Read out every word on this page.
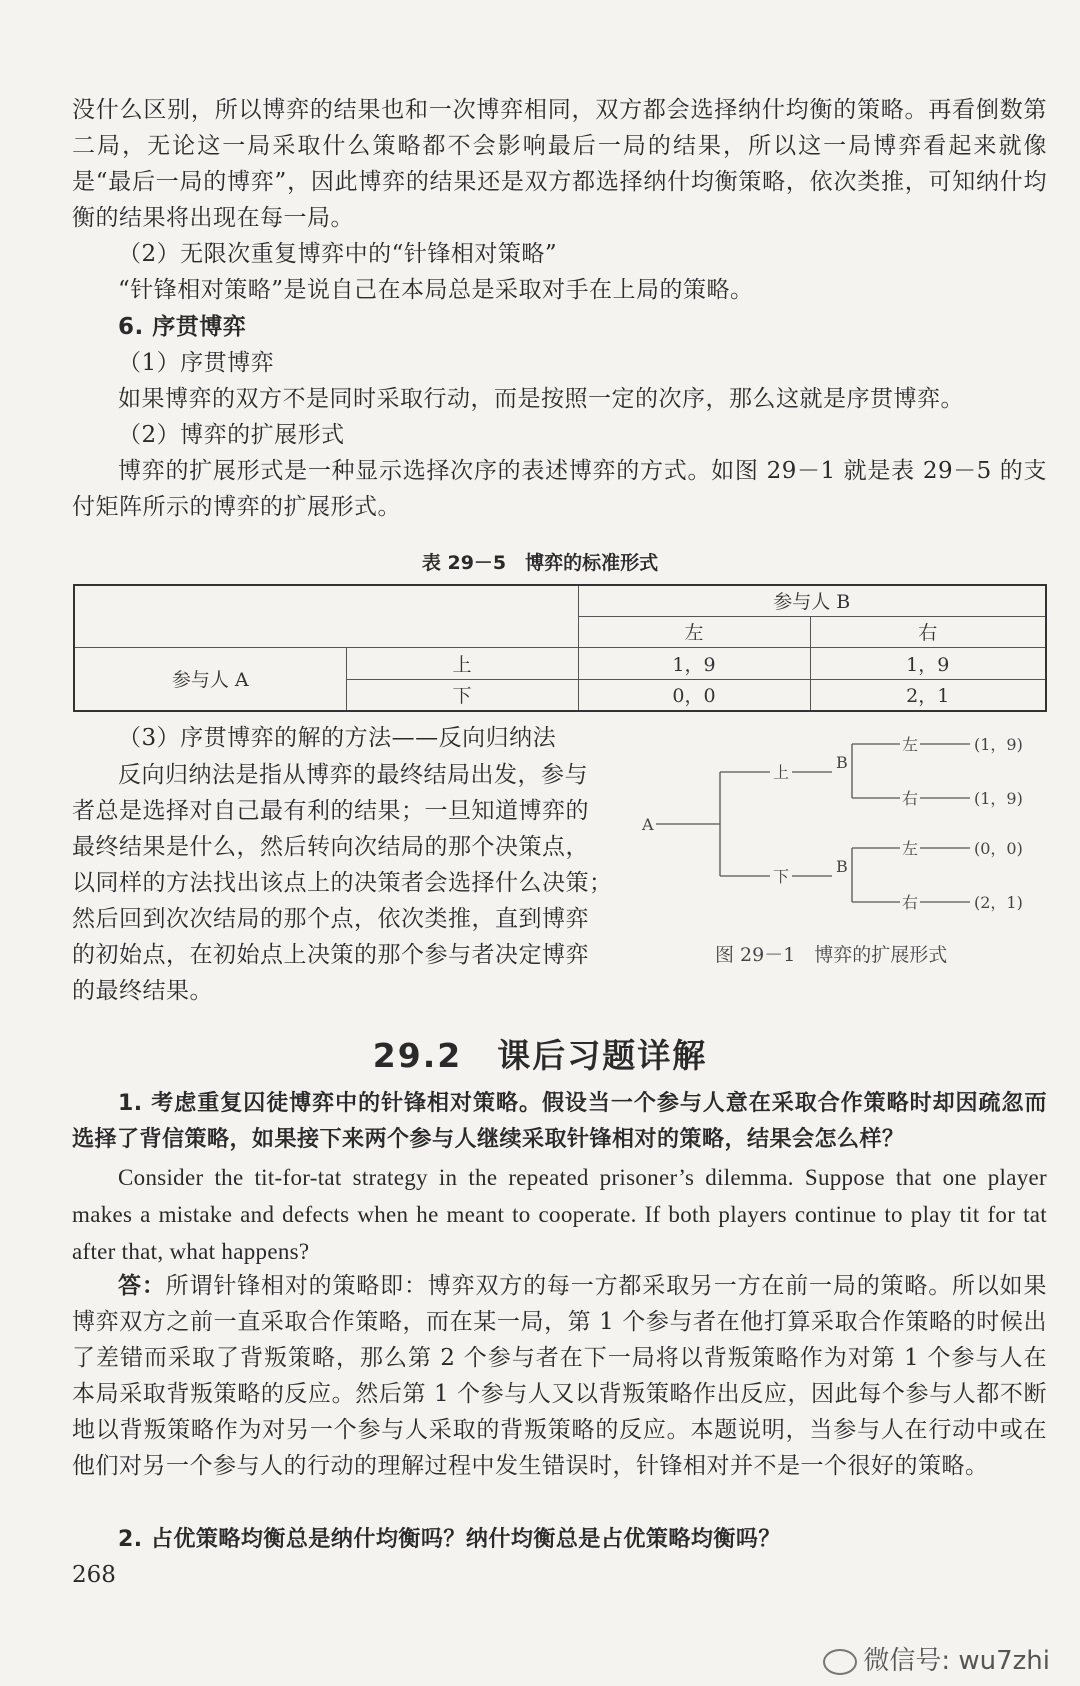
没什么区别，所以博弈的结果也和一次博弈相同，双方都会选择纳什均衡的策略。再看倒数第二局，无论这一局采取什么策略都不会影响最后一局的结果，所以这一局博弈看起来就像是“最后一局的博弈”，因此博弈的结果还是双方都选择纳什均衡策略，依次类推，可知纳什均衡的结果将出现在每一局。
（2）无限次重复博弈中的“针锋相对策略”
“针锋相对策略”是说自己在本局总是采取对手在上局的策略。
6. 序贯博弈
（1）序贯博弈
如果博弈的双方不是同时采取行动，而是按照一定的次序，那么这就是序贯博弈。
（2）博弈的扩展形式
博弈的扩展形式是一种显示选择次序的表述博弈的方式。如图 29－1 就是表 29－5 的支付矩阵所示的博弈的扩展形式。
表 29－5　博弈的标准形式
		参与人 B	
		左	右
参与人 A	上	1，9	1，9
	下	0，0	2，1
（3）序贯博弈的解的方法——反向归纳法
反向归纳法是指从博弈的最终结局出发，参与
者总是选择对自己最有利的结果；一旦知道博弈的
最终结果是什么，然后转向次结局的那个决策点，
以同样的方法找出该点上的决策者会选择什么决策；
然后回到次次结局的那个点，依次类推，直到博弈
的初始点，在初始点上决策的那个参与者决定博弈
的最终结果。
A
上
下
B
B
左
右
左
右
(1，9)
(1，9)
(0，0)
(2，1)
图 29－1　博弈的扩展形式
29.2　课后习题详解
1. 考虑重复囚徒博弈中的针锋相对策略。假设当一个参与人意在采取合作策略时却因疏忽而选择了背信策略，如果接下来两个参与人继续采取针锋相对的策略，结果会怎么样？
Consider the tit-for-tat strategy in the repeated prisoner’s dilemma. Suppose that one player makes a mistake and defects when he meant to cooperate. If both players continue to play tit for tat after that, what happens?
答：所谓针锋相对的策略即：博弈双方的每一方都采取另一方在前一局的策略。所以如果博弈双方之前一直采取合作策略，而在某一局，第 1 个参与者在他打算采取合作策略的时候出了差错而采取了背叛策略，那么第 2 个参与者在下一局将以背叛策略作为对第 1 个参与人在本局采取背叛策略的反应。然后第 1 个参与人又以背叛策略作出反应，因此每个参与人都不断地以背叛策略作为对另一个参与人采取的背叛策略的反应。本题说明，当参与人在行动中或在他们对另一个参与人的行动的理解过程中发生错误时，针锋相对并不是一个很好的策略。
2. 占优策略均衡总是纳什均衡吗？纳什均衡总是占优策略均衡吗？
268
微信号: wu7zhi
